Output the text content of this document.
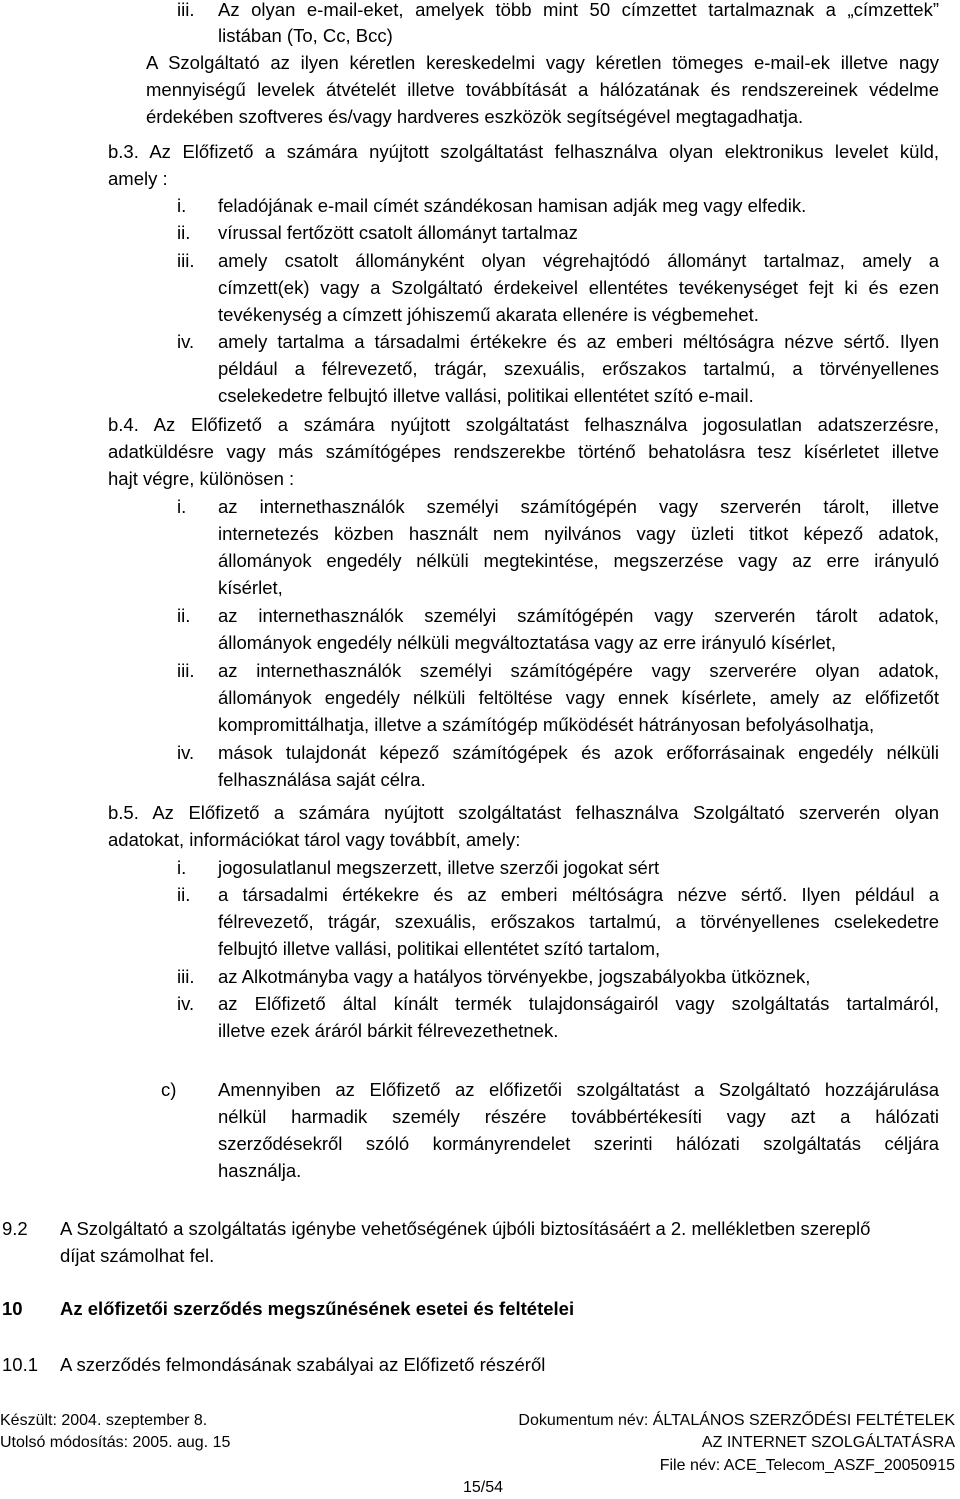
iii. Az olyan e-mail-eket, amelyek több mint 50 címzettet tartalmaznak a „címzettek”
listában (To, Cc, Bcc)
A Szolgáltató az ilyen kéretlen kereskedelmi vagy kéretlen tömeges e-mail-ek illetve nagy
mennyiségű levelek átvételét illetve továbbítását a hálózatának és rendszereinek védelme
érdekében szoftveres és/vagy hardveres eszközök segítségével megtagadhatja.
b.3. Az Előfizető a számára nyújtott szolgáltatást felhasználva olyan elektronikus levelet küld,
amely :
i. feladójának e-mail címét szándékosan hamisan adják meg vagy elfedik.
ii. vírussal fertőzött csatolt állományt tartalmaz
iii. amely csatolt állományként olyan végrehajtódó állományt tartalmaz, amely a
címzett(ek) vagy a Szolgáltató érdekeivel ellentétes tevékenységet fejt ki és ezen
tevékenység a címzett jóhiszemű akarata ellenére is végbemehet.
iv. amely tartalma a társadalmi értékekre és az emberi méltóságra nézve sértő. Ilyen
például a félrevezető, trágár, szexuális, erőszakos tartalmú, a törvényellenes
cselekedetre felbujtó illetve vallási, politikai ellentétet szító e-mail.
b.4. Az Előfizető a számára nyújtott szolgáltatást felhasználva jogosulatlan adatszerzésre,
adatküldésre vagy más számítógépes rendszerekbe történő behatolásra tesz kísérletet illetve
hajt végre, különösen :
i. az internethasználók személyi számítógépén vagy szerverén tárolt, illetve
internetezés közben használt nem nyilvános vagy üzleti titkot képező adatok,
állományok engedély nélküli megtekintése, megszerzése vagy az erre irányuló
kísérlet,
ii. az internethasználók személyi számítógépén vagy szerverén tárolt adatok,
állományok engedély nélküli megváltoztatása vagy az erre irányuló kísérlet,
iii. az internethasználók személyi számítógépére vagy szerverére olyan adatok,
állományok engedély nélküli feltöltése vagy ennek kísérlete, amely az előfizetőt
kompromittálhatja, illetve a számítógép működését hátrányosan befolyásolhatja,
iv. mások tulajdonát képező számítógépek és azok erőforrásainak engedély nélküli
felhasználása saját célra.
b.5. Az Előfizető a számára nyújtott szolgáltatást felhasználva Szolgáltató szerverén olyan
adatokat, információkat tárol vagy továbbít, amely:
i. jogosulatlanul megszerzett, illetve szerzői jogokat sért
ii. a társadalmi értékekre és az emberi méltóságra nézve sértő. Ilyen például a
félrevezető, trágár, szexuális, erőszakos tartalmú, a törvényellenes cselekedetre
felbujtó illetve vallási, politikai ellentétet szító tartalom,
iii. az Alkotmányba vagy a hatályos törvényekbe, jogszabályokba ütköznek,
iv. az Előfizető által kínált termék tulajdonságairól vagy szolgáltatás tartalmáról,
illetve ezek áráról bárkit félrevezethetnek.
c) Amennyiben az Előfizető az előfizetői szolgáltatást a Szolgáltató hozzájárulása
nélkül harmadik személy részére továbbértékesíti vagy azt a hálózati
szerződésekről szóló kormányrendelet szerinti hálózati szolgáltatás céljára
használja.
9.2 A Szolgáltató a szolgáltatás igénybe vehetőségének újbóli biztosításáért a 2. mellékletben szereplő
díjat számolhat fel.
10 Az előfizetői szerződés megszűnésének esetei és feltételei
10.1 A szerződés felmondásának szabályai az Előfizető részéről
Készült: 2004. szeptember 8.
Utolsó módosítás: 2005. aug. 15
Dokumentum név: ÁLTALÁNOS SZERZŐDÉSI FELTÉTELEK
AZ INTERNET SZOLGÁLTATÁSRA
File név: ACE_Telecom_ASZF_20050915
15/54
